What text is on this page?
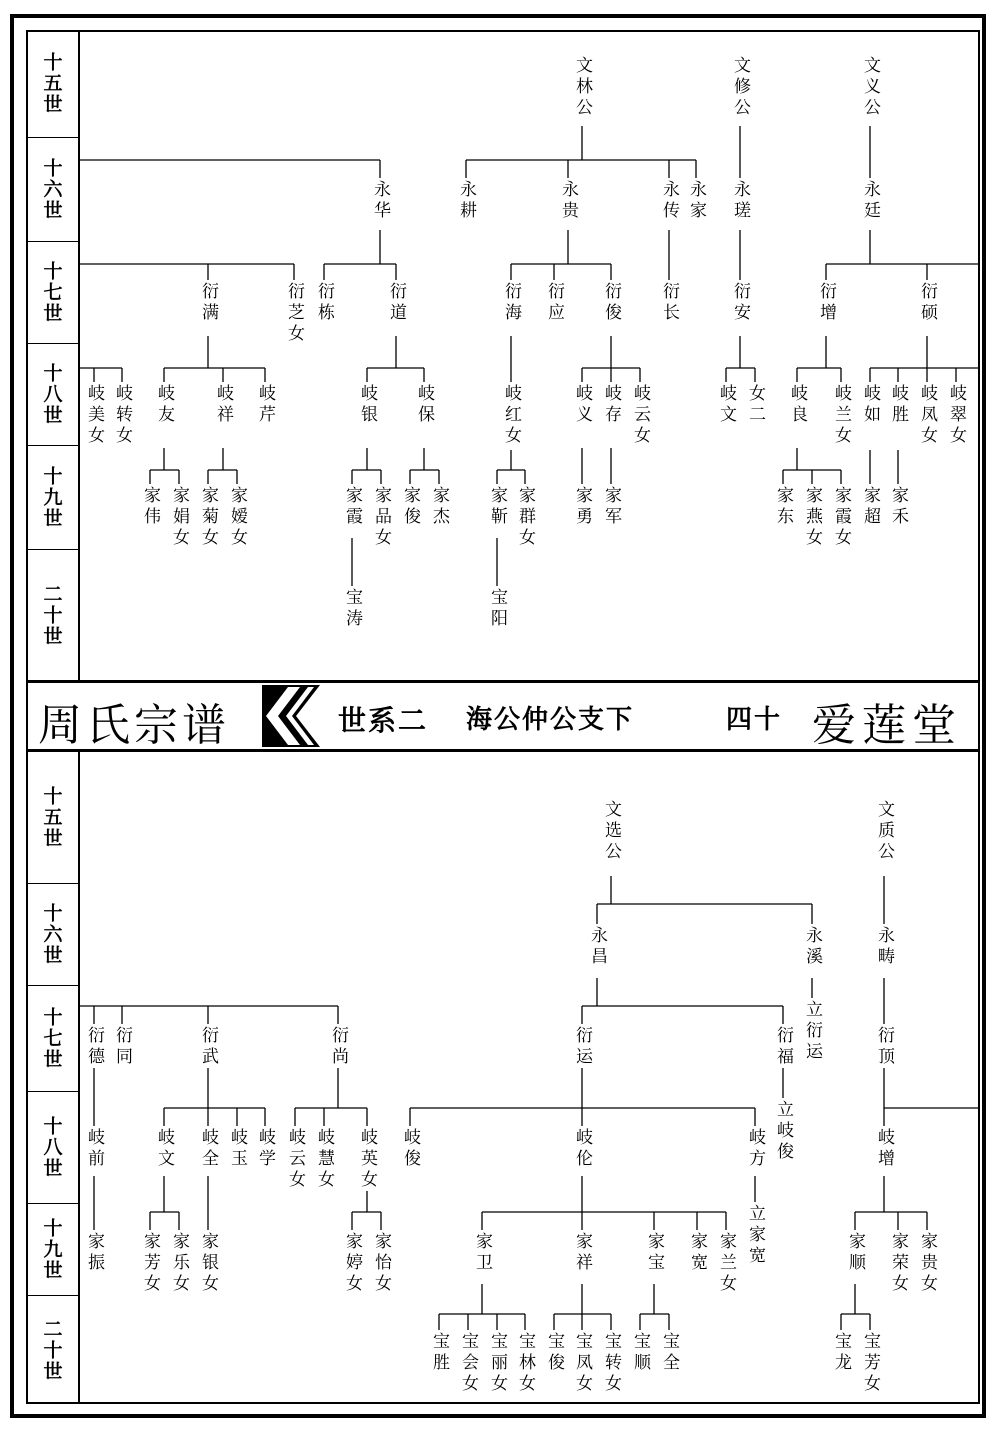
十五世
十六世
十七世
十八世
十九世
二十世
文林公	文修公	文义公
永华	永耕	永贵	永传 永家 永瑳	永廷
衍满	衍芝女 衍栋	衍道	衍海 衍应 衍俊 衍长	衍安	衍增	衍硕
岐美女 岐转女 岐友 岐祥 岐芹	岐银 岐保	岐红女	岐义 岐存 岐云女	岐文 女二 岐良 岐兰女 岐如 岐胜 岐凤女 岐翠女
家伟 家娟女 家菊女 家嫒女	家霞 家品女 家俊 家杰 家靳 家群女 家勇 家军	家东 家燕女 家霞女 家超 家禾
宝涛	宝阳
周氏宗谱	世系二 海公仲公支下	四十 爱莲堂
十五世
十六世
十七世
十八世
十九世
二十世
文选公	文质公
永昌	永溪	永畴
衍德 衍同	衍武	衍尚	立衍运
衍运	衍福	衍顶
岐前	岐文 岐全 岐玉 岐学 岐云女 岐慧女 岐英女 岐俊	岐伦	岐方 立岐俊	岐增
家振 家芳女 家乐女 家银女	家婷女 家怡女	家卫	家祥	家宝 家宽 家兰女 立家宽	家顺 家荣女 家贵女
宝胜 宝会女 宝丽女 宝林女 宝俊 宝凤女 宝转女 宝顺 宝全	宝龙 宝芳女
